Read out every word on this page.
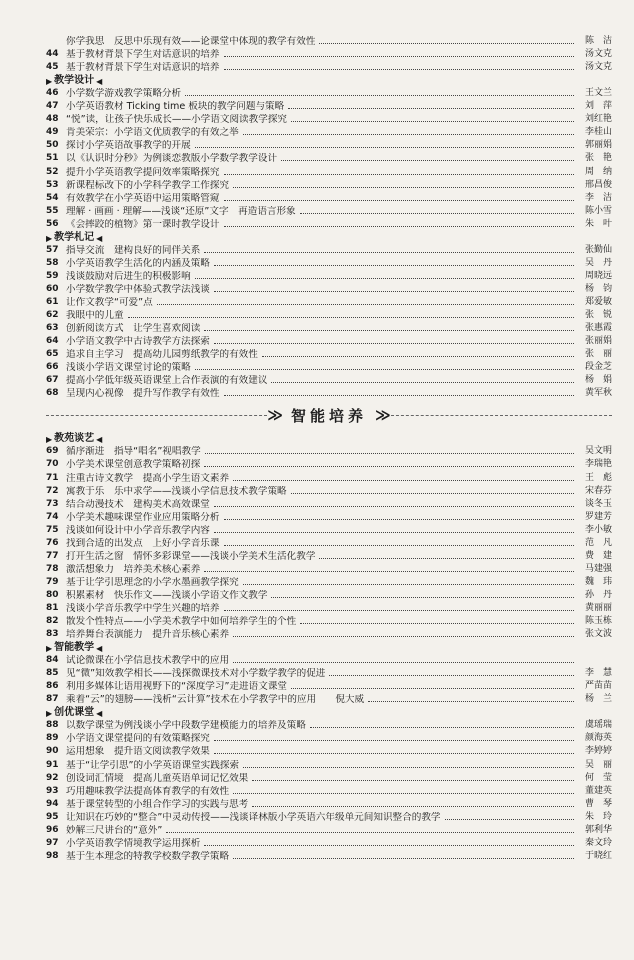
你学我思　反思中乐现有效——论课堂中体现的教学有效性	陈　洁
44 基于教材背景下学生对话意识的培养	汤文克
45 基于教材背景下学生对话意识的培养	汤文克
▶ 教学设计 ◀
46 小学数学游戏教学策略分析	王文兰
47 小学英语教材 Ticking time 板块的教学问题与策略	刘　萍
48 “悦”读，让孩子快乐成长——小学语文阅读教学探究	刘红艳
49 肯美荣宗：小学语文优质教学的有效之举	李桂山
50 探讨小学英语故事教学的开展	郭丽娟
51 以《认识时分秒》为例谈恋教版小学数学教学设计	张　艳
52 提升小学英语教学提问效率策略探究	周　纳
53 新课程标改下的小学科学教学工作探究	邢昌俊
54 有效教学在小学英语中运用策略管窥	李　洁
55 理解 · 画画 · 理解——浅谈“还原”文字　再造语言形象	陈小雪
56 《会摔跤的植物》第一课时教学设计	朱　叶
▶ 教学札记 ◀
57 指导交流　建构良好的同伴关系	张勤仙
58 小学英语教学生活化的内涵及策略	吴　丹
59 浅谈鼓励对后进生的积极影响	周晓远
60 小学数学教学中体验式教学法浅谈	杨　钧
61 让作文教学“可爱”点	郑爱敏
62 我眼中的儿童	张　锐
63 创新阅读方式　让学生喜欢阅读	张惠霞
64 小学语文教学中古诗教学方法探索	张丽娟
65 追求自主学习　提高幼儿园剪纸教学的有效性	张　丽
66 浅谈小学语文课堂讨论的策略	段金芝
67 提高小学低年级英语课堂上合作表演的有效建议	杨　娟
68 呈现内心视像　提升写作教学有效性	黄军秋
≫ 智能培养 ≫
▶ 教苑谈艺 ◀
69 循序渐进　指导“唱名”视唱教学	吴文明
70 小学美术课堂创意教学策略初探	李瑞艳
71 注重古诗文教学　提高小学生语文素养	王　彪
72 寓教于乐　乐中求学——浅谈小学信息技术教学策略	宋春芬
73 结合动漫技术　建构美术高效课堂	谈冬玉
74 小学美术趣味课堂作业应用策略分析	罗建芳
75 浅谈如何设计中小学音乐教学内容	李小敏
76 找到合适的出发点　上好小学音乐课	范　凡
77 打开生活之窗　情怀多彩课堂——浅谈小学美术生活化教学	费　建
78 激活想象力　培养美术核心素养	马建强
79 基于让学引思理念的小学水墨画教学探究	魏　玮
80 积累素材　快乐作文——浅谈小学语文作文教学	孙　丹
81 浅谈小学音乐教学中学生兴趣的培养	黄丽丽
82 散发个性特点——小学美术教学中如何培养学生的个性	陈玉栋
83 培养舞台表演能力　提升音乐核心素养	张文波
▶ 智能教学 ◀
84 试论微课在小学信息技术教学中的应用
85 见“微”知效教学相长——浅探微课技术对小学数学教学的促进	李　慧
86 利用多媒体让语用视野下的“深度学习”走进语文课堂	严苗苗
87 乘着“云”的翅膀——浅析“云计算”技术在小学教学中的应用　　倪大威	杨　兰
▶ 创优课堂 ◀
88 以数学课堂为例浅谈小学中段数学建模能力的培养及策略	虞瑶瑞
89 小学语文课堂提问的有效策略探究	颜海英
90 运用想象　提升语文阅读教学效果	李婷婷
91 基于“让学引思”的小学英语课堂实践探索	吴　丽
92 创设词汇情境　提高儿童英语单词记忆效果	何　莹
93 巧用趣味教学法提高体育教学的有效性	董建英
94 基于课堂转型的小组合作学习的实践与思考	曹　琴
95 让知识在巧妙的“整合”中灵动传授——浅谈译林版小学英语六年级单元间知识整合的教学	朱　玲
96 妙解三尺讲台的“意外”	郭利华
97 小学英语教学情境教学运用探析	秦文玲
98 基于生本理念的特教学校数学教学策略	于晓红
